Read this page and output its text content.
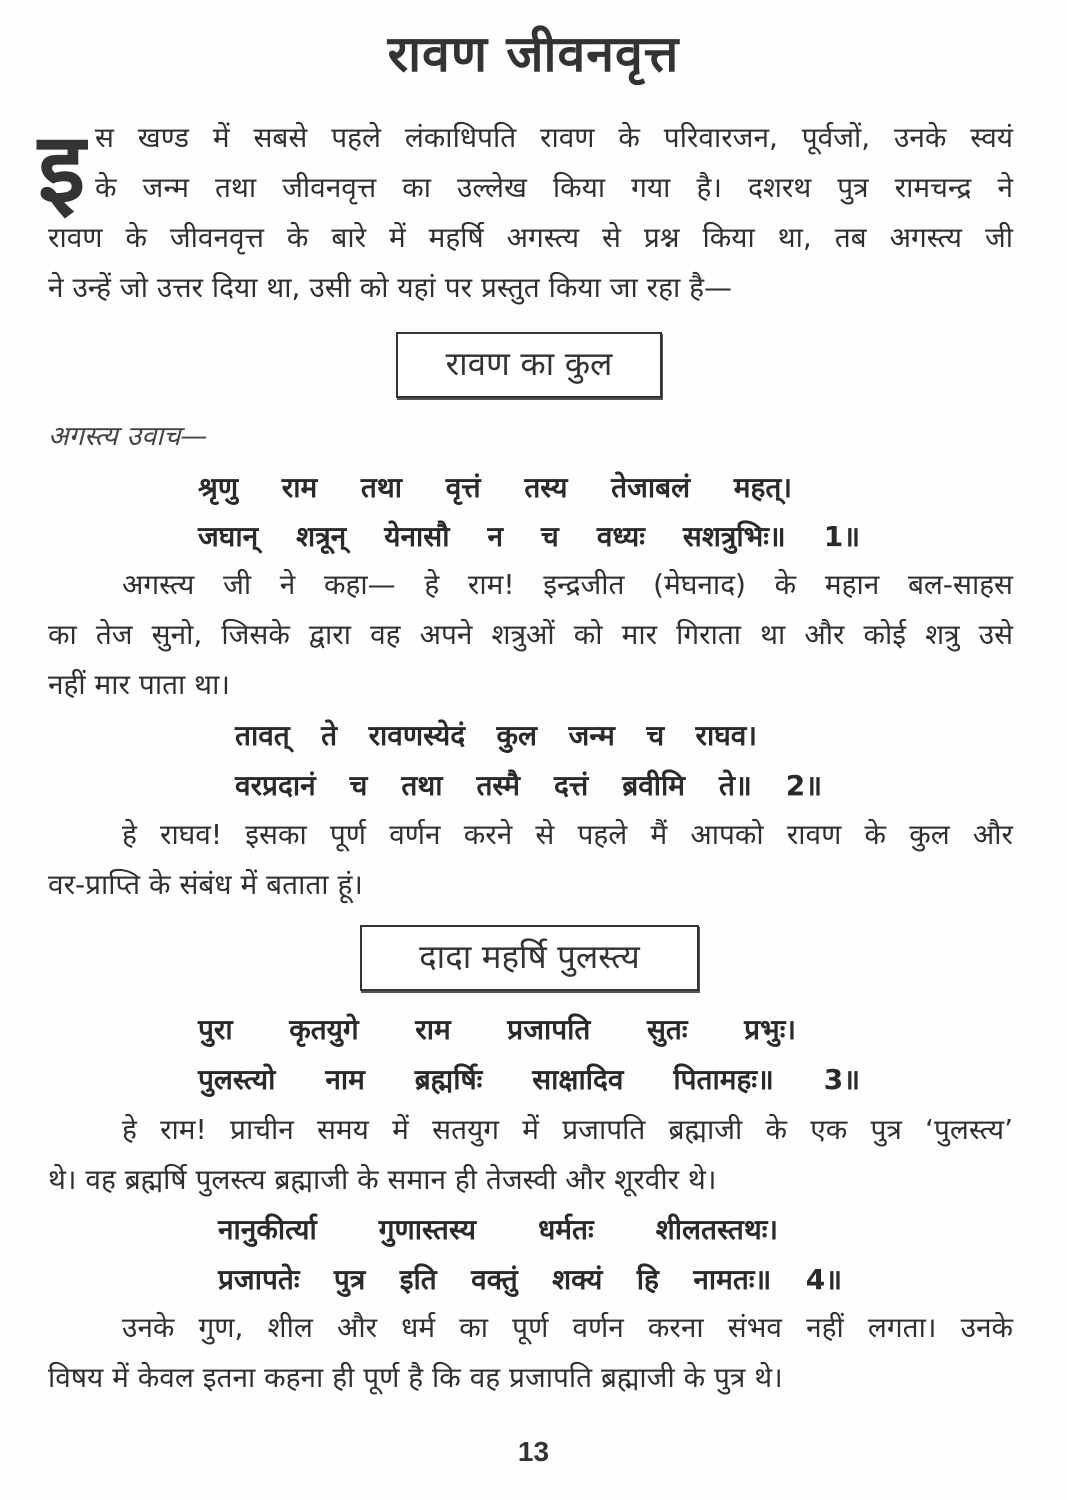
रावण जीवनवृत्त
इ स खण्ड में सबसे पहले लंकाधिपति रावण के परिवारजन, पूर्वजों, उनके स्वयं
के जन्म तथा जीवनवृत्त का उल्लेख किया गया है। दशरथ पुत्र रामचन्द्र ने
रावण के जीवनवृत्त के बारे में महर्षि अगस्त्य से प्रश्न किया था, तब अगस्त्य जी
ने उन्हें जो उत्तर दिया था, उसी को यहां पर प्रस्तुत किया जा रहा है—
रावण का कुल
अगस्त्य उवाच—
श्रृणु राम तथा वृत्तं तस्य तेजाबलं महत्।
जघान् शत्रून् येनासौ न च वध्यः सशत्रुभिः॥ 1॥
अगस्त्य जी ने कहा— हे राम! इन्द्रजीत (मेघनाद) के महान बल-साहस
का तेज सुनो, जिसके द्वारा वह अपने शत्रुओं को मार गिराता था और कोई शत्रु उसे
नहीं मार पाता था।
तावत् ते रावणस्येदं कुल जन्म च राघव।
वरप्रदानं च तथा तस्मै दत्तं ब्रवीमि ते॥ 2॥
हे राघव! इसका पूर्ण वर्णन करने से पहले मैं आपको रावण के कुल और
वर-प्राप्ति के संबंध में बताता हूं।
दादा महर्षि पुलस्त्य
पुरा कृतयुगे राम प्रजापति सुतः प्रभुः।
पुलस्त्यो नाम ब्रह्मर्षिः साक्षादिव पितामहः॥ 3॥
हे राम! प्राचीन समय में सतयुग में प्रजापति ब्रह्माजी के एक पुत्र ‘पुलस्त्य’
थे। वह ब्रह्मर्षि पुलस्त्य ब्रह्माजी के समान ही तेजस्वी और शूरवीर थे।
नानुकीर्त्या गुणास्तस्य धर्मतः शीलतस्तथः।
प्रजापतेः पुत्र इति वक्तुं शक्यं हि नामतः॥ 4॥
उनके गुण, शील और धर्म का पूर्ण वर्णन करना संभव नहीं लगता। उनके
विषय में केवल इतना कहना ही पूर्ण है कि वह प्रजापति ब्रह्माजी के पुत्र थे।
13
